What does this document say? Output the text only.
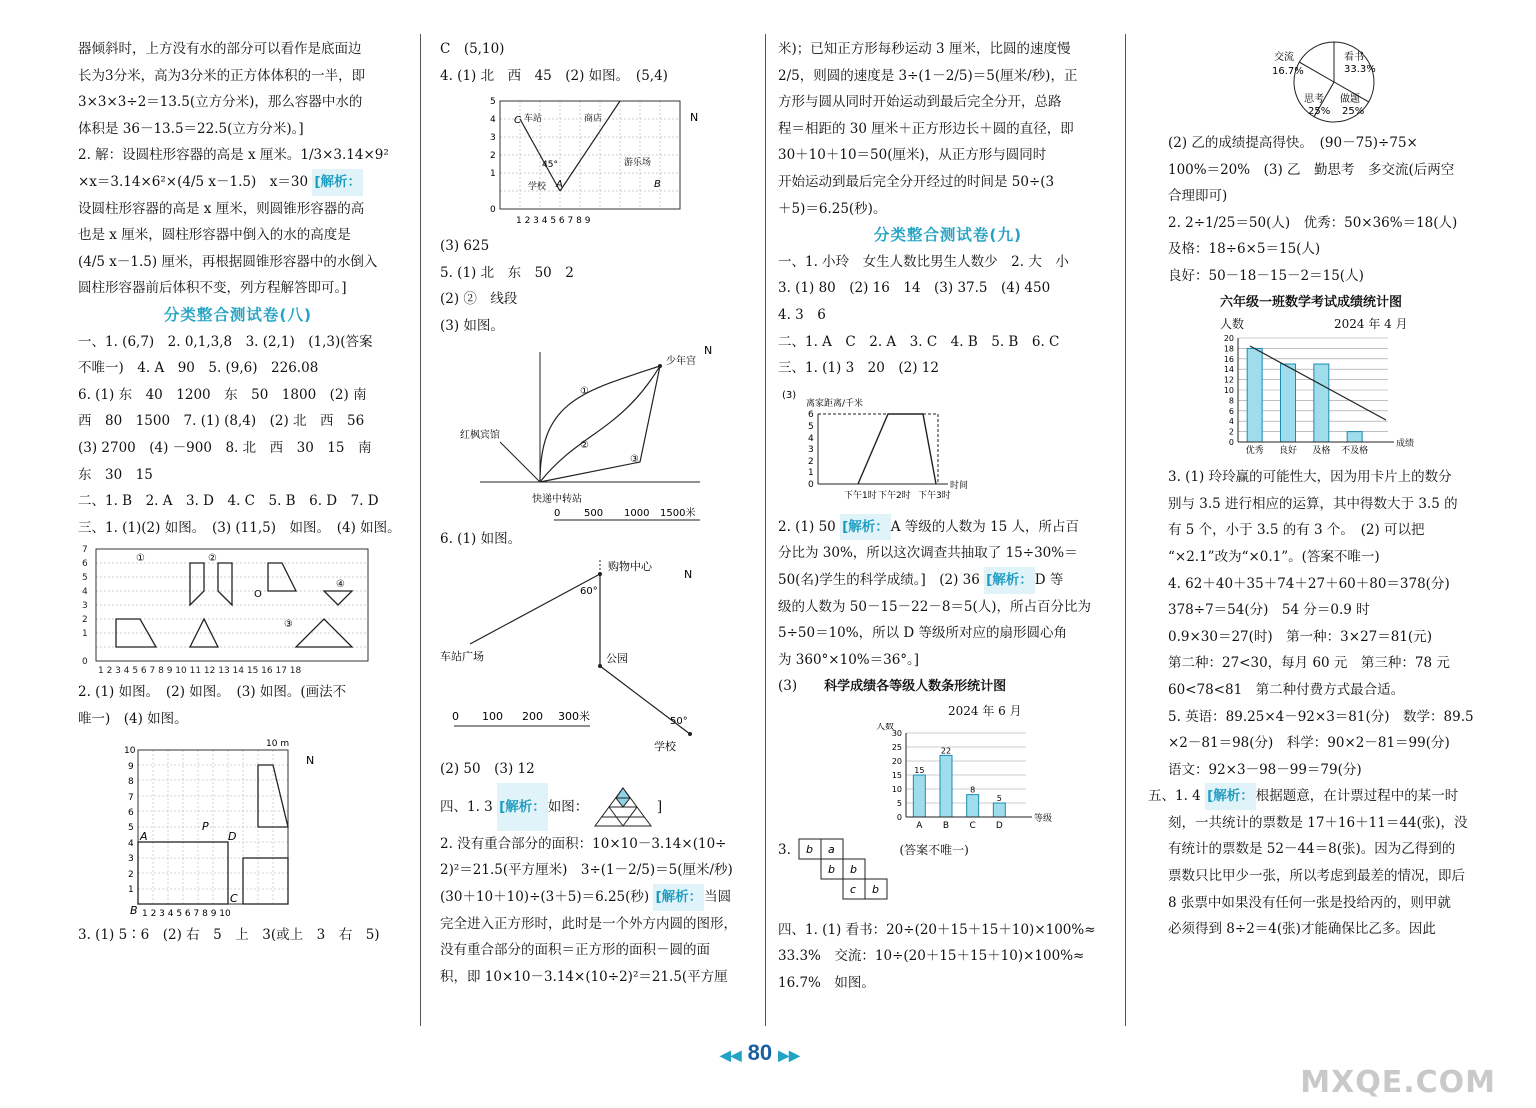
器倾斜时，上方没有水的部分可以看作是底面边

长为3分米，高为3分米的正方体体积的一半，即

3×3×3÷2＝13.5(立方分米)，那么容器中水的

体积是 36－13.5＝22.5(立方分米)。]

2. 解：设圆柱形容器的高是 x 厘米。1/3×3.14×9²

×x＝3.14×6²×(4/5 x－1.5)　x＝30 [解析：

设圆柱形容器的高是 x 厘米，则圆锥形容器的高

也是 x 厘米，圆柱形容器中倒入的水的高度是

(4/5 x－1.5) 厘米，再根据圆锥形容器中的水倒入

圆柱形容器前后体积不变，列方程解答即可。]

分类整合测试卷(八)

一、1. (6,7)　2. 0,1,3,8　3. (2,1)　(1,3)(答案

不唯一)　4. A　90　5. (9,6)　226.08

6. (1) 东　40　1200　东　50　1800　(2) 南

西　80　1500　7. (1) (8,4)　(2) 北　西　56

(3) 2700　(4) －900　8. 北　西　30　15　南

东　30　15

二、1. B　2. A　3. D　4. C　5. B　6. D　7. D

三、1. (1)(2) 如图。　(3) (11,5)　如图。　(4) 如图。

①	②
③
④
O
7
6
5
4
3
2
1
0
1 2 3 4 5 6 7 8 9 10 11 12 13 14 15 16 17 18

2. (1) 如图。　(2) 如图。　(3) 如图。(画法不

唯一)　(4) 如图。

A	D
P
C
B
10 m
N
10
9
8
7
6
5
4
3
2
1
1 2 3 4 5 6 7 8 9 10

3. (1) 5∶6　(2) 右　5　上　3(或上　3　右　5)

C　(5,10)

4. (1) 北　西　45　(2) 如图。　(5,4)

C 车站	商店
学校 A
游乐场
B
45°
N
5
4
3
2
1
0
1 2 3 4 5 6 7 8 9

(3) 625

5. (1) 北　东　50　2

(2) ②　线段

(3) 如图。

少年宫
红枫宾馆
快递中转站
①
②
③
0 500 1000 1500米
N

6. (1) 如图。

购物中心
车站广场	公园
学校
60°
50°
0 100 200 300米
N

(2) 50　(3) 12

四、1. 3 [解析： 如图：	]

2. 没有重合部分的面积：10×10－3.14×(10÷

2)²＝21.5(平方厘米)　3÷(1－2/5)＝5(厘米/秒)

(30＋10＋10)÷(3＋5)＝6.25(秒) [解析： 当圆

完全进入正方形时，此时是一个外方内圆的图形，

没有重合部分的面积＝正方形的面积－圆的面

积，即 10×10－3.14×(10÷2)²＝21.5(平方厘

米)；已知正方形每秒运动 3 厘米，比圆的速度慢

2/5，则圆的速度是 3÷(1－2/5)＝5(厘米/秒)，正

方形与圆从同时开始运动到最后完全分开，总路

程＝相距的 30 厘米＋正方形边长＋圆的直径，即

30＋10＋10＝50(厘米)，从正方形与圆同时

开始运动到最后完全分开经过的时间是 50÷(3

＋5)＝6.25(秒)。

分类整合测试卷(九)

一、1. 小玲　女生人数比男生人数少　2. 大　小

3. (1) 80　(2) 16　14　(3) 37.5　(4) 450

4. 3　6

二、1. A　C　2. A　3. C　4. B　5. B　6. C

三、1. (1) 3　20　(2) 12

(3)
离家距离/千米
6
5
4
3
2
1
0	时间
下午1时 下午2时 下午3时

2. (1) 50 [解析： A 等级的人数为 15 人，所占百

分比为 30%，所以这次调查共抽取了 15÷30%＝

50(名)学生的科学成绩。]　(2) 36 [解析： D 等

级的人数为 50－15－22－8＝5(人)，所占百分比为

5÷50＝10%，所以 D 等级所对应的扇形圆心角

为 360°×10%＝36°。]

(3)　　 科学成绩各等级人数条形统计图

2024 年 6 月

0
5
10
15
20
25
30
15
A
22
B
8
C
5
D
等级
人数

3. b a
b b
c b
(答案不唯一)

四、1. (1) 看书：20÷(20＋15＋15＋10)×100%≈

33.3%　交流：10÷(20＋15＋15＋10)×100%≈

16.7%　如图。

交流
16.7%
看书
33.3%
思考
25%
做题
25%

(2) 乙的成绩提高得快。　(90－75)÷75×

100%＝20%　(3) 乙　勤思考　多交流(后两空

合理即可)

2. 2÷1/25＝50(人)　优秀：50×36%＝18(人)

及格：18÷6×5＝15(人)

良好：50－18－15－2＝15(人)

六年级一班数学考试成绩统计图

人数	2024 年 4 月

0
2
4
6
8
10
12
14
16
18
20
优秀 良好 及格 不及格
成绩

3. (1) 玲玲赢的可能性大，因为用卡片上的数分

别与 3.5 进行相应的运算，其中得数大于 3.5 的

有 5 个，小于 3.5 的有 3 个。　(2) 可以把

“×2.1”改为“×0.1”。(答案不唯一)

4. 62＋40＋35＋74＋27＋60＋80＝378(分)

378÷7＝54(分)　54 分＝0.9 时

0.9×30＝27(时)　第一种：3×27＝81(元)

第二种：27<30，每月 60 元　第三种：78 元

60<78<81　第二种付费方式最合适。

5. 英语：89.25×4－92×3＝81(分)　数学：89.5

×2－81＝98(分)　科学：90×2－81＝99(分)

语文：92×3－98－99＝79(分)

五、1. 4 [解析： 根据题意，在计票过程中的某一时

刻，一共统计的票数是 17＋16＋11＝44(张)，没

有统计的票数是 52－44＝8(张)。因为乙得到的

票数只比甲少一张，所以考虑到最差的情况，即后

8 张票中如果没有任何一张是投给丙的，则甲就

必须得到 8÷2＝4(张)才能确保比乙多。因此

◀◀ 80 ▶▶
MXQE.COM
